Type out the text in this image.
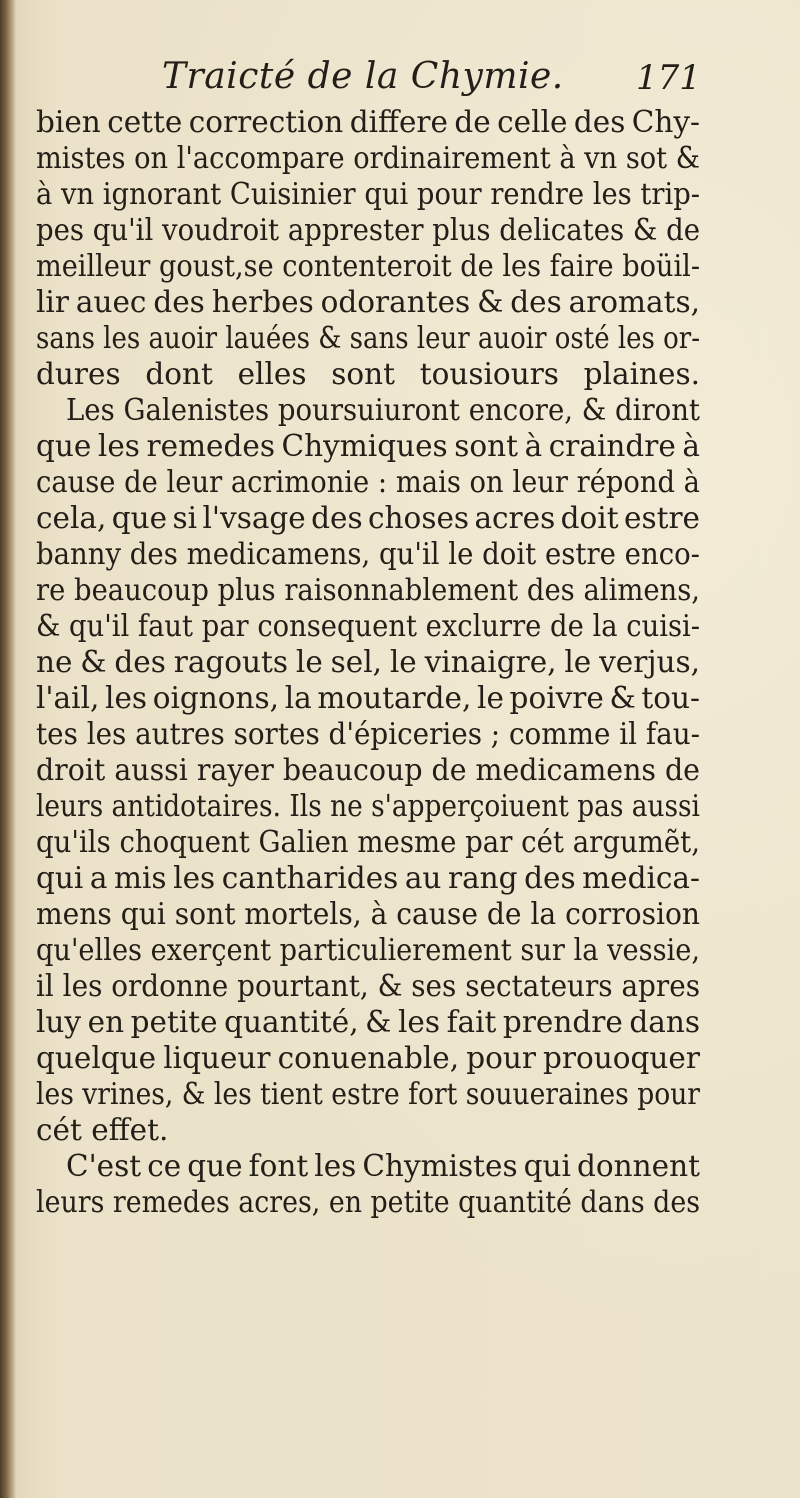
Traicté de la Chymie. 171
bien cette correction differe de celle des Chy-
mistes on l'accompare ordinairement à vn sot &
à vn ignorant Cuisinier qui pour rendre les trip-
pes qu'il voudroit apprester plus delicates & de
meilleur goust,se contenteroit de les faire boüil-
lir auec des herbes odorantes & des aromats,
sans les auoir lauées & sans leur auoir osté les or-
dures dont elles sont tousiours plaines.
Les Galenistes poursuiuront encore, & diront
que les remedes Chymiques sont à craindre à
cause de leur acrimonie : mais on leur répond à
cela, que si l'vsage des choses acres doit estre
banny des medicamens, qu'il le doit estre enco-
re beaucoup plus raisonnablement des alimens,
& qu'il faut par consequent exclurre de la cuisi-
ne & des ragouts le sel, le vinaigre, le verjus,
l'ail, les oignons, la moutarde, le poivre & tou-
tes les autres sortes d'épiceries ; comme il fau-
droit aussi rayer beaucoup de medicamens de
leurs antidotaires. Ils ne s'apperçoiuent pas aussi
qu'ils choquent Galien mesme par cét argumẽt,
qui a mis les cantharides au rang des medica-
mens qui sont mortels, à cause de la corrosion
qu'elles exerçent particulierement sur la vessie,
il les ordonne pourtant, & ses sectateurs apres
luy en petite quantité, & les fait prendre dans
quelque liqueur conuenable, pour prouoquer
les vrines, & les tient estre fort souueraines pour
cét effet.
C'est ce que font les Chymistes qui donnent
leurs remedes acres, en petite quantité dans des
